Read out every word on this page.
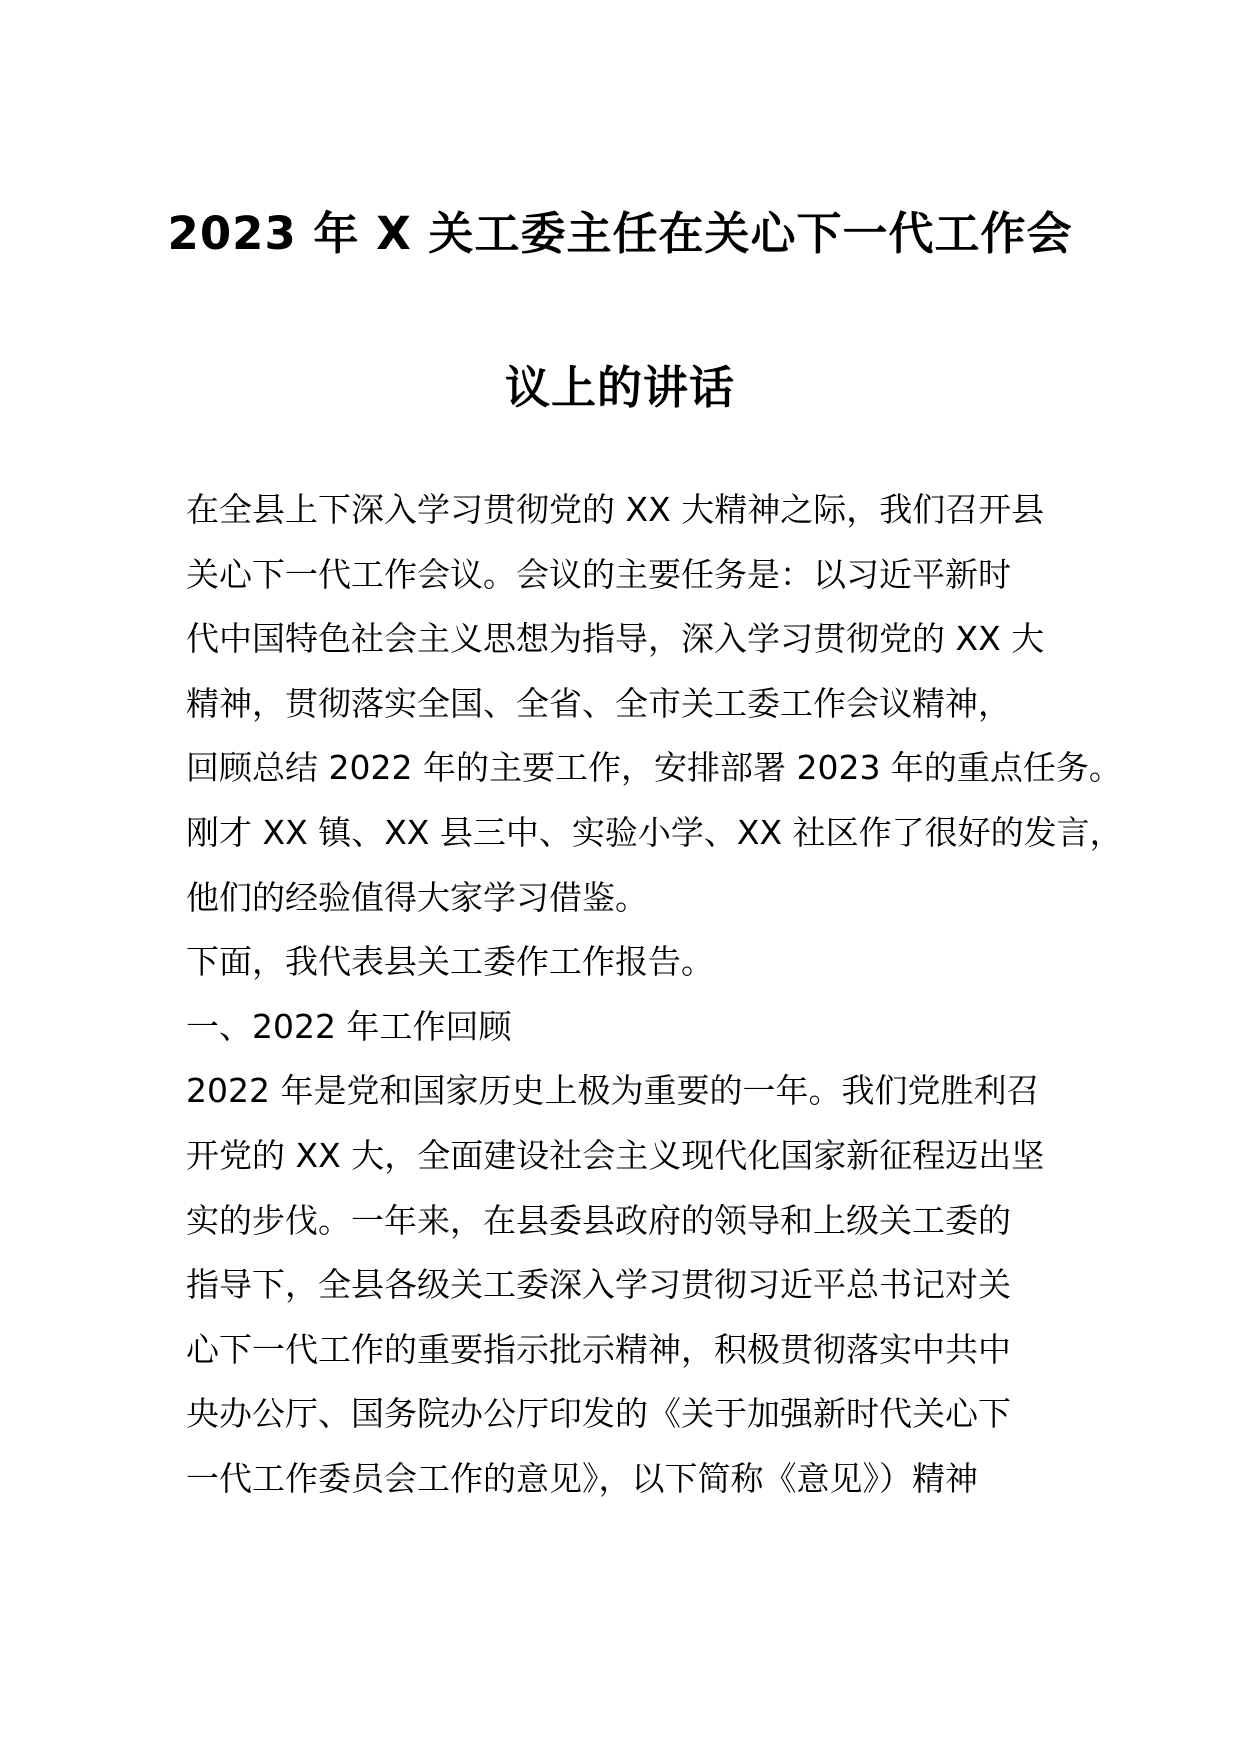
2023 年 X 关工委主任在关心下一代工作会
议上的讲话
在全县上下深入学习贯彻党的 XX 大精神之际，我们召开县
关心下一代工作会议。会议的主要任务是：以习近平新时
代中国特色社会主义思想为指导，深入学习贯彻党的 XX 大
精神，贯彻落实全国、全省、全市关工委工作会议精神，
回顾总结 2022 年的主要工作，安排部署 2023 年的重点任务。
刚才 XX 镇、XX 县三中、实验小学、XX 社区作了很好的发言，
他们的经验值得大家学习借鉴。
下面，我代表县关工委作工作报告。
一、2022 年工作回顾
2022 年是党和国家历史上极为重要的一年。我们党胜利召
开党的 XX 大，全面建设社会主义现代化国家新征程迈出坚
实的步伐。一年来，在县委县政府的领导和上级关工委的
指导下，全县各级关工委深入学习贯彻习近平总书记对关
心下一代工作的重要指示批示精神，积极贯彻落实中共中
央办公厅、国务院办公厅印发的《关于加强新时代关心下
一代工作委员会工作的意见》，以下简称《意见》）精神
